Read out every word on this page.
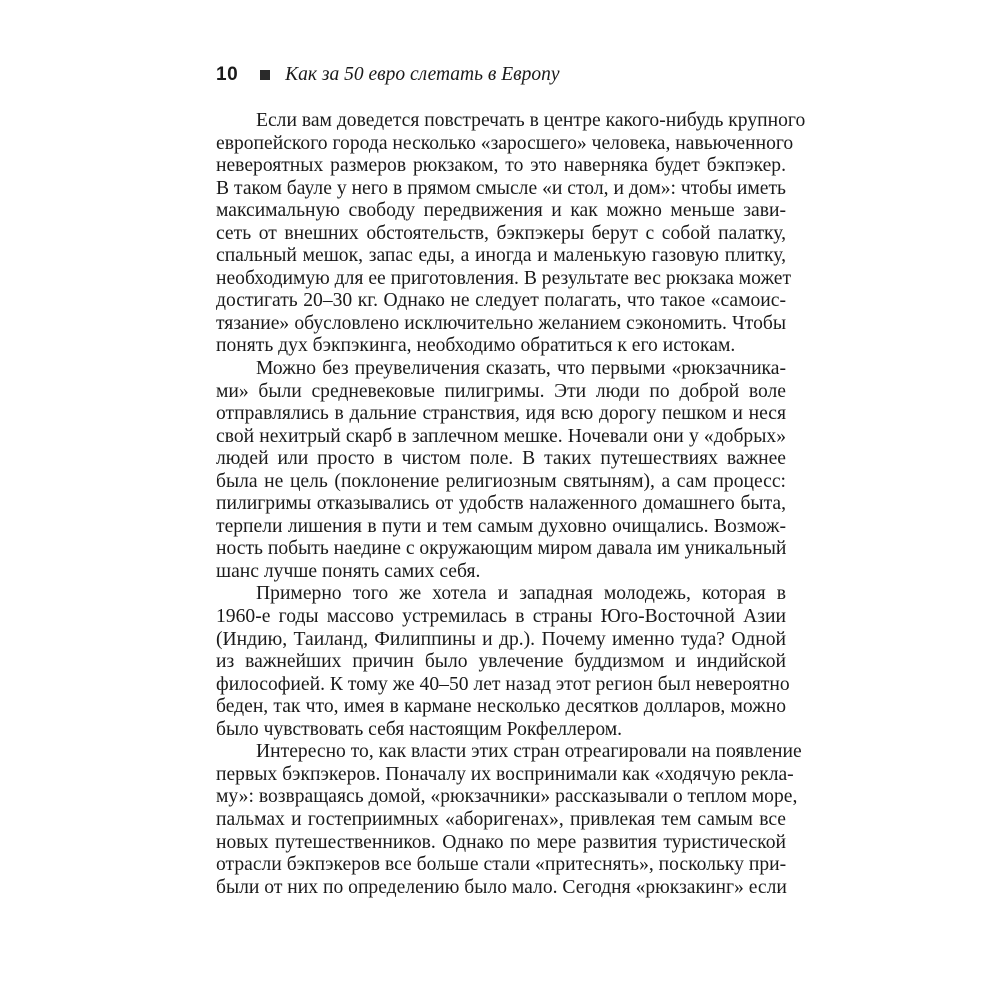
10 Как за 50 евро слетать в Европу
Если вам доведется повстречать в центре какого-нибудь крупного
европейского города несколько «заросшего» человека, навьюченного
невероятных размеров рюкзаком, то это наверняка будет бэкпэкер.
В таком бауле у него в прямом смысле «и стол, и дом»: чтобы иметь
максимальную свободу передвижения и как можно меньше зави-
сеть от внешних обстоятельств, бэкпэкеры берут с собой палатку,
спальный мешок, запас еды, а иногда и маленькую газовую плитку,
необходимую для ее приготовления. В результате вес рюкзака может
достигать 20–30 кг. Однако не следует полагать, что такое «самоис-
тязание» обусловлено исключительно желанием сэкономить. Чтобы
понять дух бэкпэкинга, необходимо обратиться к его истокам.
Можно без преувеличения сказать, что первыми «рюкзачника-
ми» были средневековые пилигримы. Эти люди по доброй воле
отправлялись в дальние странствия, идя всю дорогу пешком и неся
свой нехитрый скарб в заплечном мешке. Ночевали они у «добрых»
людей или просто в чистом поле. В таких путешествиях важнее
была не цель (поклонение религиозным святыням), а сам процесс:
пилигримы отказывались от удобств налаженного домашнего быта,
терпели лишения в пути и тем самым духовно очищались. Возмож-
ность побыть наедине с окружающим миром давала им уникальный
шанс лучше понять самих себя.
Примерно того же хотела и западная молодежь, которая в
1960-е годы массово устремилась в страны Юго-Восточной Азии
(Индию, Таиланд, Филиппины и др.). Почему именно туда? Одной
из важнейших причин было увлечение буддизмом и индийской
философией. К тому же 40–50 лет назад этот регион был невероятно
беден, так что, имея в кармане несколько десятков долларов, можно
было чувствовать себя настоящим Рокфеллером.
Интересно то, как власти этих стран отреагировали на появление
первых бэкпэкеров. Поначалу их воспринимали как «ходячую рекла-
му»: возвращаясь домой, «рюкзачники» рассказывали о теплом море,
пальмах и гостеприимных «аборигенах», привлекая тем самым все
новых путешественников. Однако по мере развития туристической
отрасли бэкпэкеров все больше стали «притеснять», поскольку при-
были от них по определению было мало. Сегодня «рюкзакинг» если
